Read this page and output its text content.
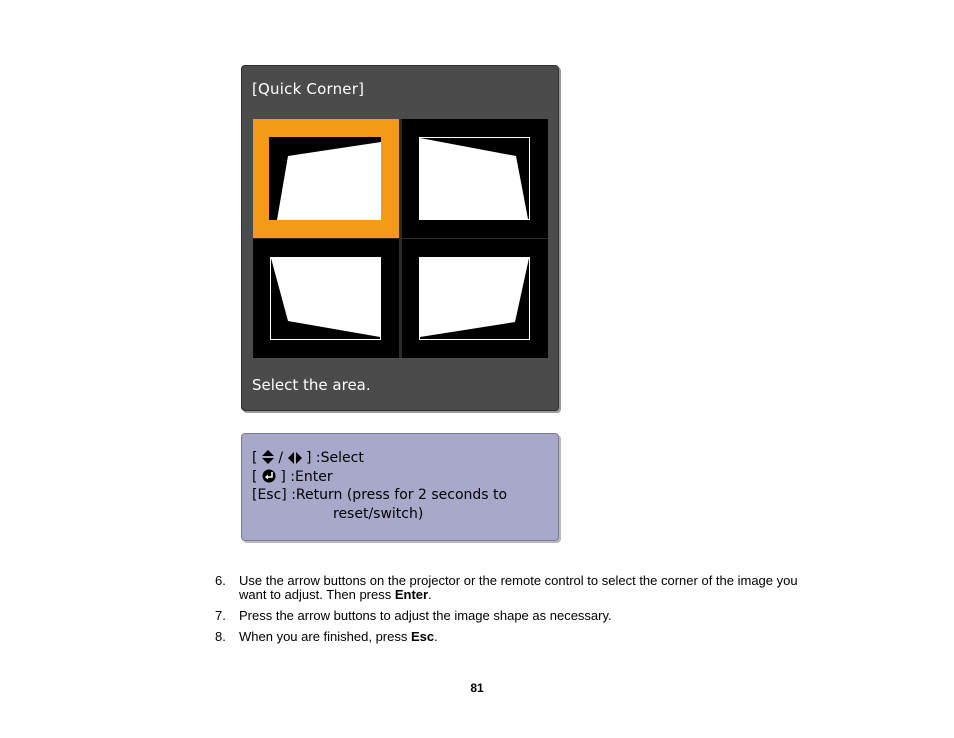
[Quick Corner]
Select the area.
[ / ] :Select
[ ] :Enter
[Esc] :Return (press for 2 seconds to
reset/switch)
6. Use the arrow buttons on the projector or the remote control to select the corner of the image you want to adjust. Then press Enter.
7. Press the arrow buttons to adjust the image shape as necessary.
8. When you are finished, press Esc.
81
